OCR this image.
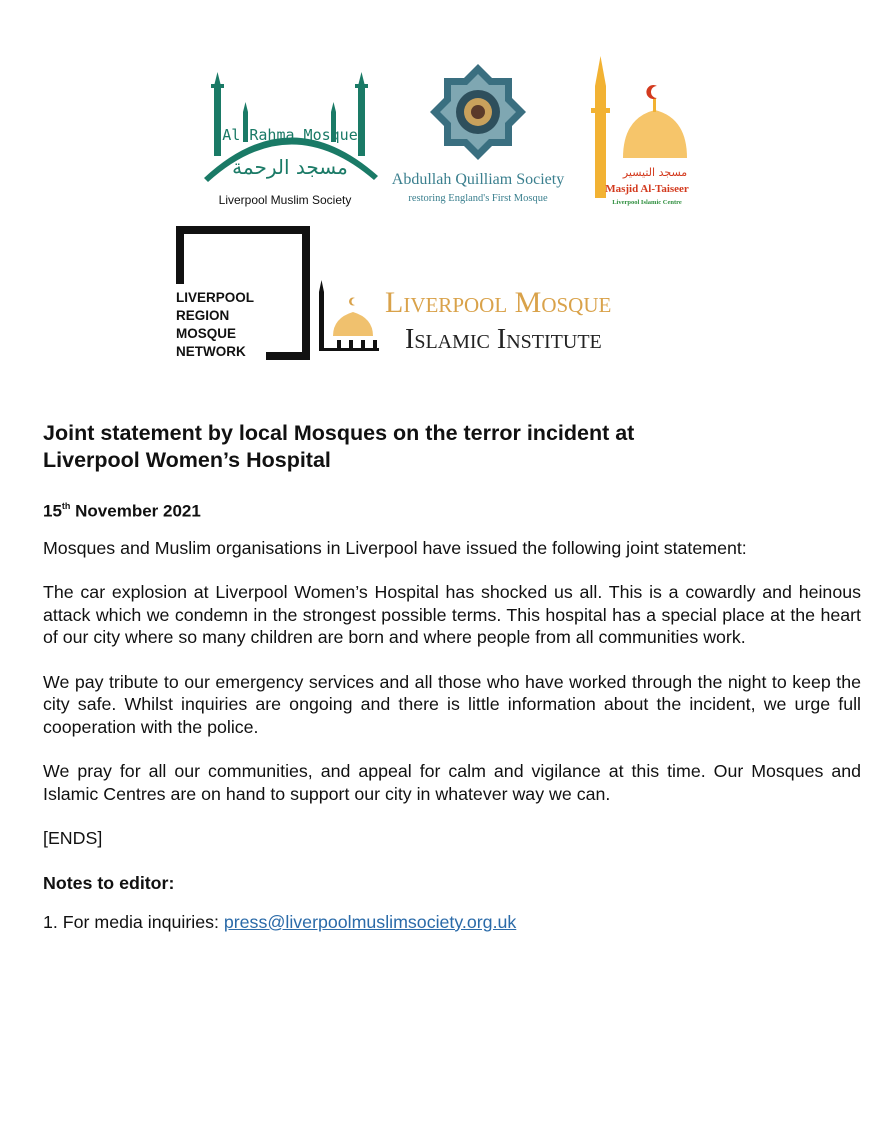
Al-Rahma Mosque
مسجد الرحمة
Liverpool Muslim Society
Abdullah Quilliam Society
restoring England's First Mosque
مسجد التيسير
Masjid Al-Taiseer
Liverpool Islamic Centre
LIVERPOOL
REGION
MOSQUE
NETWORK
Liverpool Mosque
Islamic Institute
Joint statement by local Mosques on the terror incident at
Liverpool Women’s Hospital
15th November 2021

Mosques and Muslim organisations in Liverpool have issued the following joint statement:

The car explosion at Liverpool Women’s Hospital has shocked us all. This is a cowardly and heinous attack which we condemn in the strongest possible terms. This hospital has a special place at the heart of our city where so many children are born and where people from all communities work.

We pay tribute to our emergency services and all those who have worked through the night to keep the city safe. Whilst inquiries are ongoing and there is little information about the incident, we urge full cooperation with the police.

We pray for all our communities, and appeal for calm and vigilance at this time. Our Mosques and Islamic Centres are on hand to support our city in whatever way we can.

[ENDS]

Notes to editor:
1. For media inquiries: press@liverpoolmuslimsociety.org.uk
